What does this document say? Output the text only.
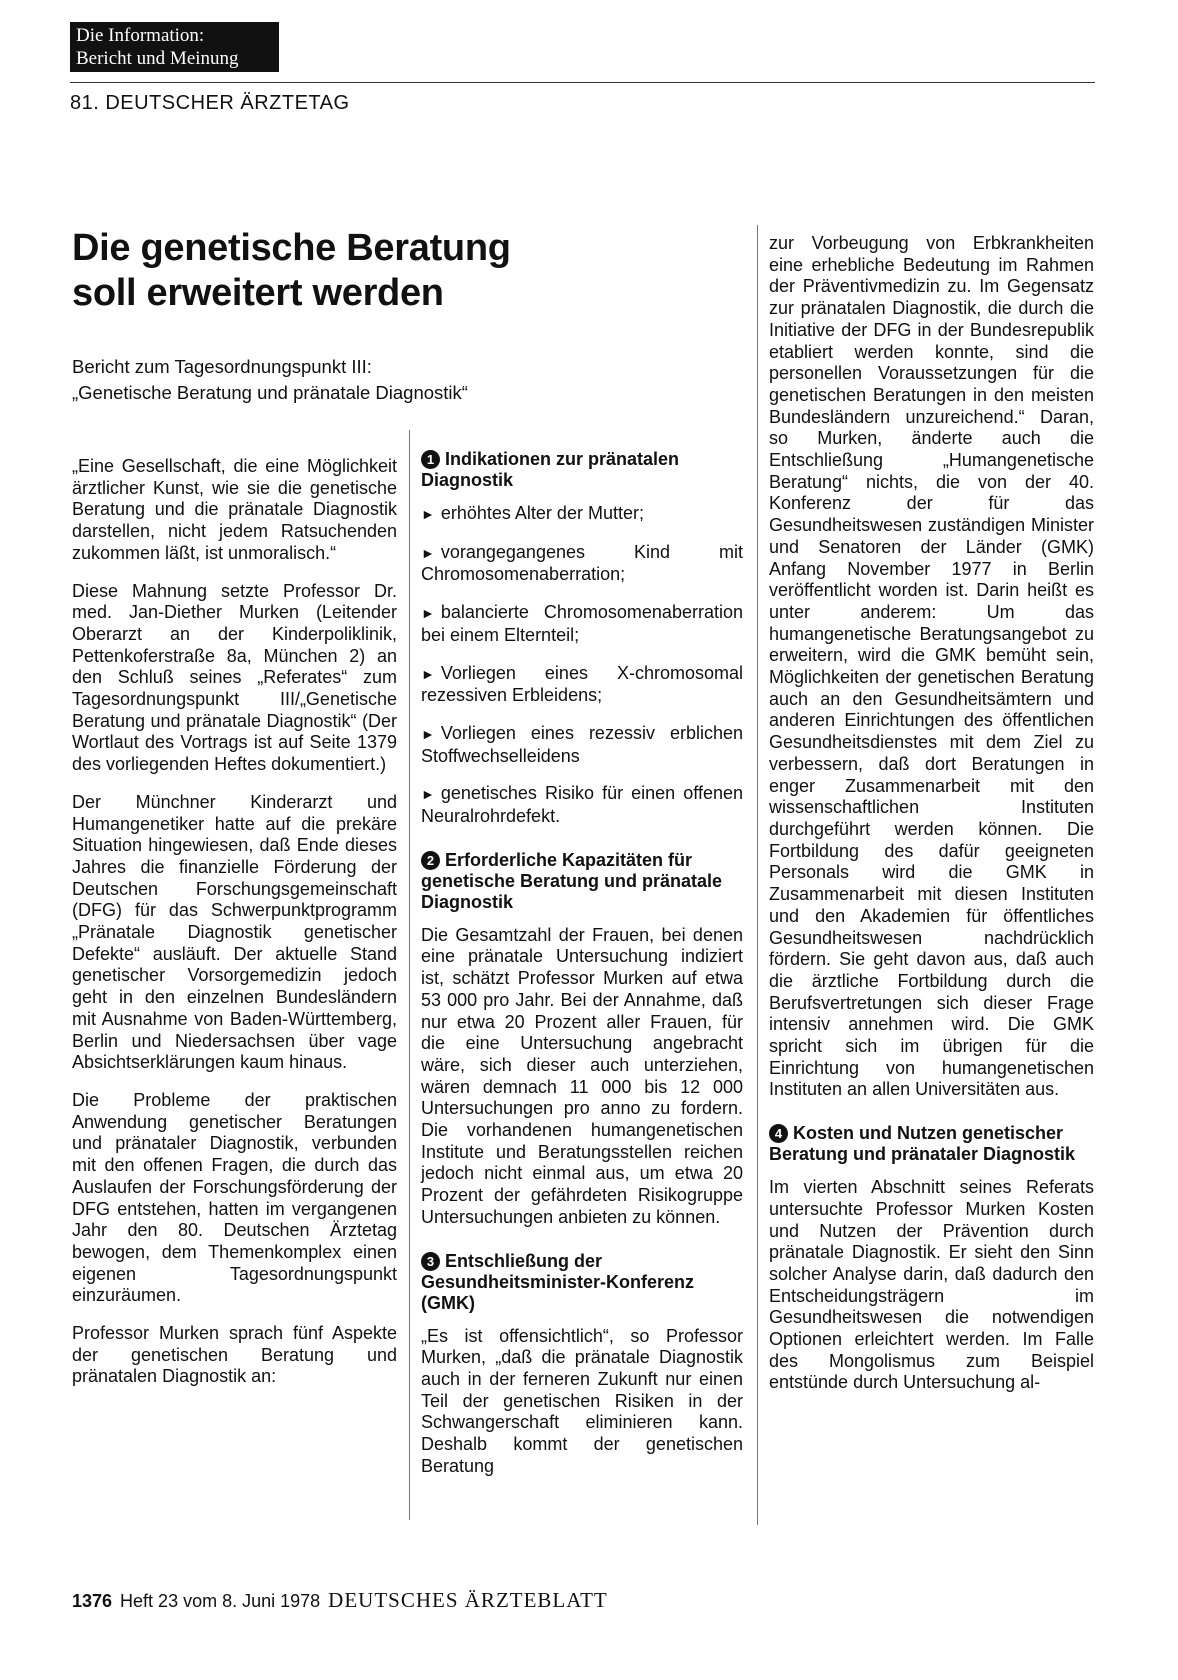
Die Information:
Bericht und Meinung
81. DEUTSCHER ÄRZTETAG
Die genetische Beratung
soll erweitert werden

Bericht zum Tagesordnungspunkt III:
„Genetische Beratung und pränatale Diagnostik“

„Eine Gesellschaft, die eine Möglichkeit ärztlicher Kunst, wie sie die genetische Beratung und die pränatale Diagnostik darstellen, nicht jedem Ratsuchenden zukommen läßt, ist unmoralisch.“

Diese Mahnung setzte Professor Dr. med. Jan-Diether Murken (Leitender Oberarzt an der Kinderpoliklinik, Pettenkoferstraße 8a, München 2) an den Schluß seines „Referates“ zum Tagesordnungspunkt III/„Genetische Beratung und pränatale Diagnostik“ (Der Wortlaut des Vortrags ist auf Seite 1379 des vorliegenden Heftes dokumentiert.)

Der Münchner Kinderarzt und Humangenetiker hatte auf die prekäre Situation hingewiesen, daß Ende dieses Jahres die finanzielle Förderung der Deutschen Forschungsgemeinschaft (DFG) für das Schwerpunktprogramm „Pränatale Diagnostik genetischer Defekte“ ausläuft. Der aktuelle Stand genetischer Vorsorgemedizin jedoch geht in den einzelnen Bundesländern mit Ausnahme von Baden-Württemberg, Berlin und Niedersachsen über vage Absichtserklärungen kaum hinaus.

Die Probleme der praktischen Anwendung genetischer Beratungen und pränataler Diagnostik, verbunden mit den offenen Fragen, die durch das Auslaufen der Forschungsförderung der DFG entstehen, hatten im vergangenen Jahr den 80. Deutschen Ärztetag bewogen, dem Themenkomplex einen eigenen Tagesordnungspunkt einzuräumen.

Professor Murken sprach fünf Aspekte der genetischen Beratung und pränatalen Diagnostik an:

1 Indikationen zur pränatalen Diagnostik

► erhöhtes Alter der Mutter;

► vorangegangenes Kind mit Chromosomenaberration;

► balancierte Chromosomenaberration bei einem Elternteil;

► Vorliegen eines X-chromosomal rezessiven Erbleidens;

► Vorliegen eines rezessiv erblichen Stoffwechselleidens

► genetisches Risiko für einen offenen Neuralrohrdefekt.

2 Erforderliche Kapazitäten für genetische Beratung und pränatale Diagnostik

Die Gesamtzahl der Frauen, bei denen eine pränatale Untersuchung indiziert ist, schätzt Professor Murken auf etwa 53 000 pro Jahr. Bei der Annahme, daß nur etwa 20 Prozent aller Frauen, für die eine Untersuchung angebracht wäre, sich dieser auch unterziehen, wären demnach 11 000 bis 12 000 Untersuchungen pro anno zu fordern. Die vorhandenen humangenetischen Institute und Beratungsstellen reichen jedoch nicht einmal aus, um etwa 20 Prozent der gefährdeten Risikogruppe Untersuchungen anbieten zu können.

3 Entschließung der Gesundheitsminister-Konferenz (GMK)

„Es ist offensichtlich“, so Professor Murken, „daß die pränatale Diagnostik auch in der ferneren Zukunft nur einen Teil der genetischen Risiken in der Schwangerschaft eliminieren kann. Deshalb kommt der genetischen Beratung

zur Vorbeugung von Erbkrankheiten eine erhebliche Bedeutung im Rahmen der Präventivmedizin zu. Im Gegensatz zur pränatalen Diagnostik, die durch die Initiative der DFG in der Bundesrepublik etabliert werden konnte, sind die personellen Voraussetzungen für die genetischen Beratungen in den meisten Bundesländern unzureichend.“ Daran, so Murken, änderte auch die Entschließung „Humangenetische Beratung“ nichts, die von der 40. Konferenz der für das Gesundheitswesen zuständigen Minister und Senatoren der Länder (GMK) Anfang November 1977 in Berlin veröffentlicht worden ist. Darin heißt es unter anderem: Um das humangenetische Beratungsangebot zu erweitern, wird die GMK bemüht sein, Möglichkeiten der genetischen Beratung auch an den Gesundheitsämtern und anderen Einrichtungen des öffentlichen Gesundheitsdienstes mit dem Ziel zu verbessern, daß dort Beratungen in enger Zusammenarbeit mit den wissenschaftlichen Instituten durchgeführt werden können. Die Fortbildung des dafür geeigneten Personals wird die GMK in Zusammenarbeit mit diesen Instituten und den Akademien für öffentliches Gesundheitswesen nachdrücklich fördern. Sie geht davon aus, daß auch die ärztliche Fortbildung durch die Berufsvertretungen sich dieser Frage intensiv annehmen wird. Die GMK spricht sich im übrigen für die Einrichtung von humangenetischen Instituten an allen Universitäten aus.

4 Kosten und Nutzen genetischer Beratung und pränataler Diagnostik

Im vierten Abschnitt seines Referats untersuchte Professor Murken Kosten und Nutzen der Prävention durch pränatale Diagnostik. Er sieht den Sinn solcher Analyse darin, daß dadurch den Entscheidungsträgern im Gesundheitswesen die notwendigen Optionen erleichtert werden. Im Falle des Mongolismus zum Beispiel entstünde durch Untersuchung al-

1376 Heft 23 vom 8. Juni 1978 DEUTSCHES ÄRZTEBLATT
